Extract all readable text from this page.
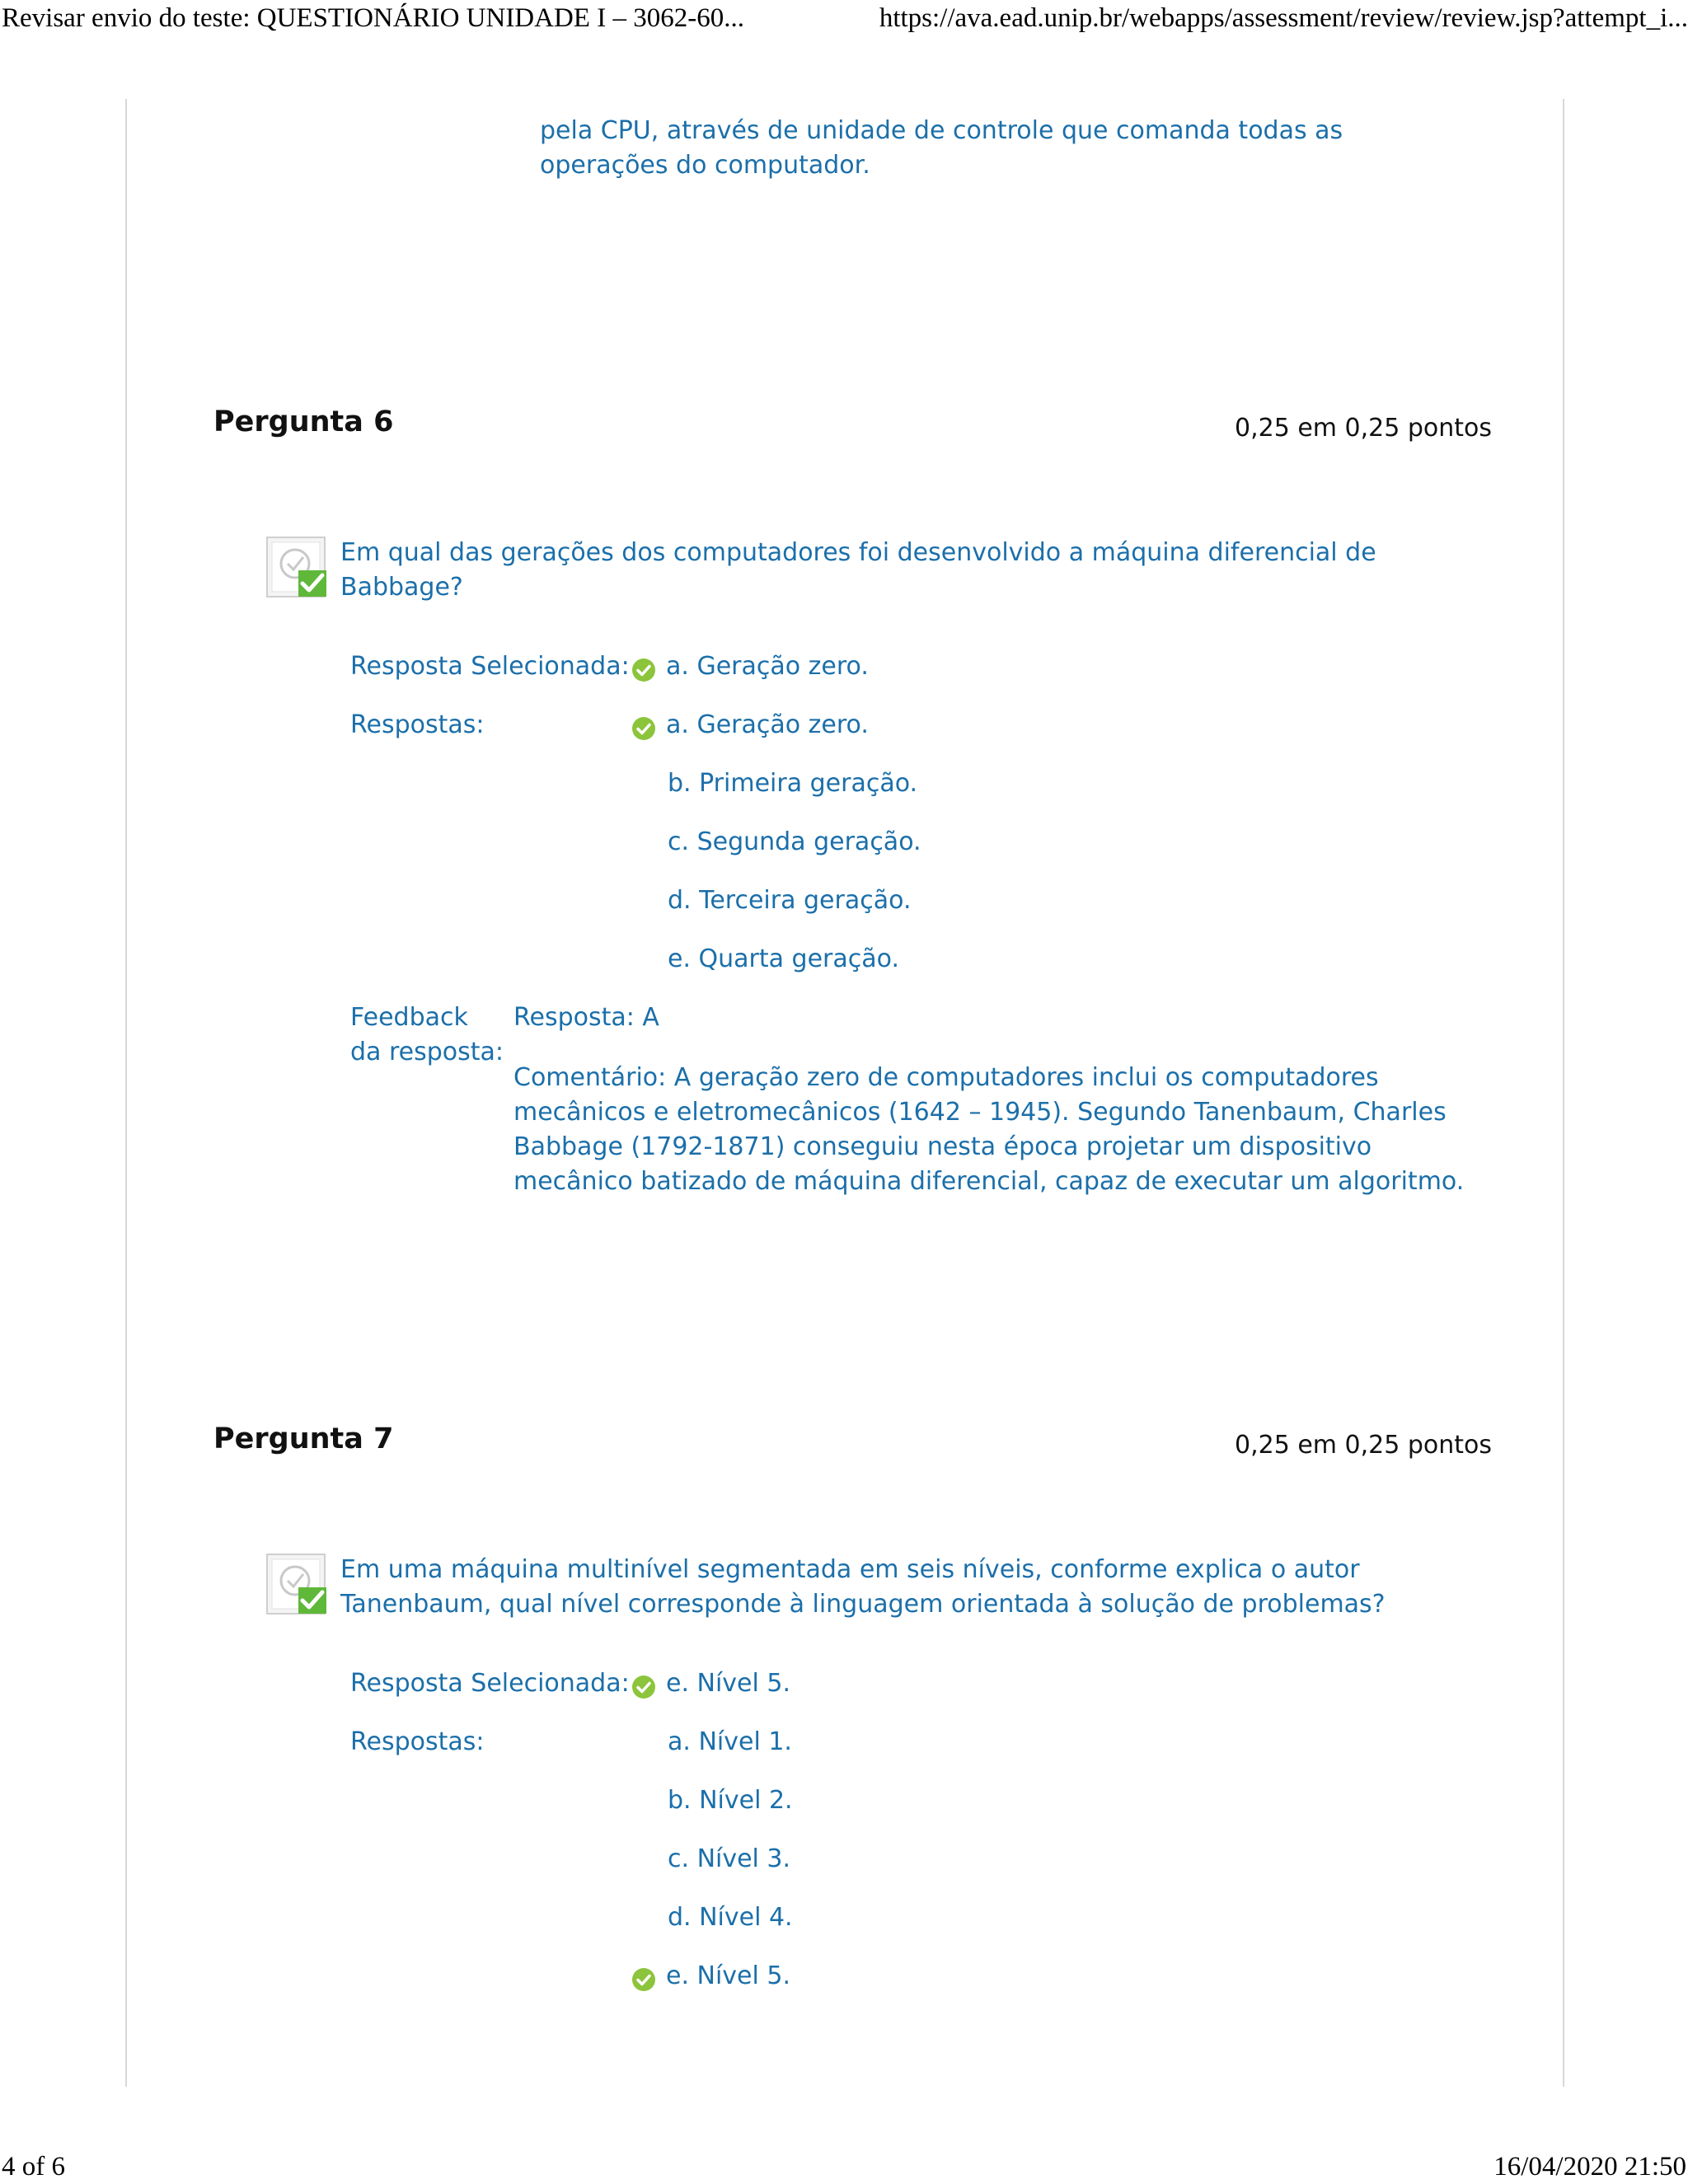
Revisar envio do teste: QUESTIONÁRIO UNIDADE I – 3062-60...	https://ava.ead.unip.br/webapps/assessment/review/review.jsp?attempt_i...
pela CPU, através de unidade de controle que comanda todas as
operações do computador.
Pergunta 6	0,25 em 0,25 pontos
Em qual das gerações dos computadores foi desenvolvido a máquina diferencial de
Babbage?
Resposta Selecionada: a. Geração zero.
Respostas:	a. Geração zero.
b. Primeira geração.
c. Segunda geração.
d. Terceira geração.
e. Quarta geração.
Feedback
da resposta:
Resposta: A
Comentário: A geração zero de computadores inclui os computadores
mecânicos e eletromecânicos (1642 – 1945). Segundo Tanenbaum, Charles
Babbage (1792-1871) conseguiu nesta época projetar um dispositivo
mecânico batizado de máquina diferencial, capaz de executar um algoritmo.
Pergunta 7	0,25 em 0,25 pontos
Em uma máquina multinível segmentada em seis níveis, conforme explica o autor
Tanenbaum, qual nível corresponde à linguagem orientada à solução de problemas?
Resposta Selecionada: e. Nível 5.
Respostas:	a. Nível 1.
b. Nível 2.
c. Nível 3.
d. Nível 4.
e. Nível 5.
4 of 6	16/04/2020 21:50
